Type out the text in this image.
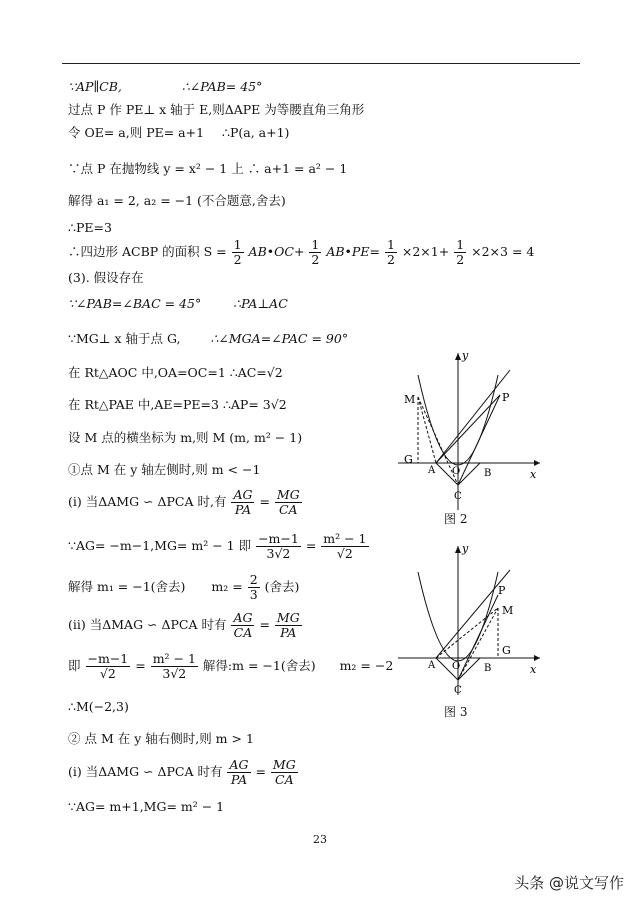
∵AP∥CB,	∴∠PAB= 45°
过点 P 作 PE⊥ x 轴于 E,则ΔAPE 为等腰直角三角形
令 OE= a,则 PE= a+1 ∴P(a, a+1)
∵点 P 在抛物线 y = x² − 1 上 ∴ a+1 = a² − 1
解得 a₁ = 2, a₂ = −1 (不合题意,舍去)
∴PE=3
∴四边形 ACBP 的面积 $S = \frac{1}{2}$ AB•OC+ $\frac{1}{2}$ AB•PE= $\frac{1}{2} \times 2\times 1+ \frac{1}{2} \times 2\times 3 = 4$
(3). 假设存在
∵∠PAB=∠BAC = 45°	∴PA⊥AC
∵MG⊥ x 轴于点 G, ∴∠MGA=∠PAC = 90°
在 Rt△AOC 中,OA=OC=1 ∴AC=√2
在 Rt△PAE 中,AE=PE=3 ∴AP= 3√2
设 M 点的横坐标为 m,则 M (m, m² − 1)
①点 M 在 y 轴左侧时,则 m < −1
(ⅰ) 当ΔAMG ∽ ΔPCA 时,有 $\frac{AG}{PA} = \frac{MG}{CA}$
∵AG= −m−1,MG= m² − 1 即 $\frac{-m-1}{3√2} = \frac{\text{m² − 1}}{√2}$
解得 m₁ = −1(舍去) $m_2 = \frac{2}{3}$ (舍去)
(ⅱ) 当ΔMAG ∽ ΔPCA 时有 $\frac{AG}{CA} = \frac{MG}{PA}$
即 $\frac{-m-1}{√2} = \frac{\text{m² − 1}}{3√2}$ 解得:m = −1(舍去) m₂ = −2
∴M(−2,3)
② 点 M 在 y 轴右侧时,则 m > 1
(ⅰ) 当ΔAMG ∽ ΔPCA 时有 $\frac{AG}{PA} = \frac{MG}{CA}$
∵AG= m+1,MG= m² − 1
y
x
M	P
G
A O B
C
图 2
y
x
M
P
G
A O B
C
图 3
23
头条 @说文写作
